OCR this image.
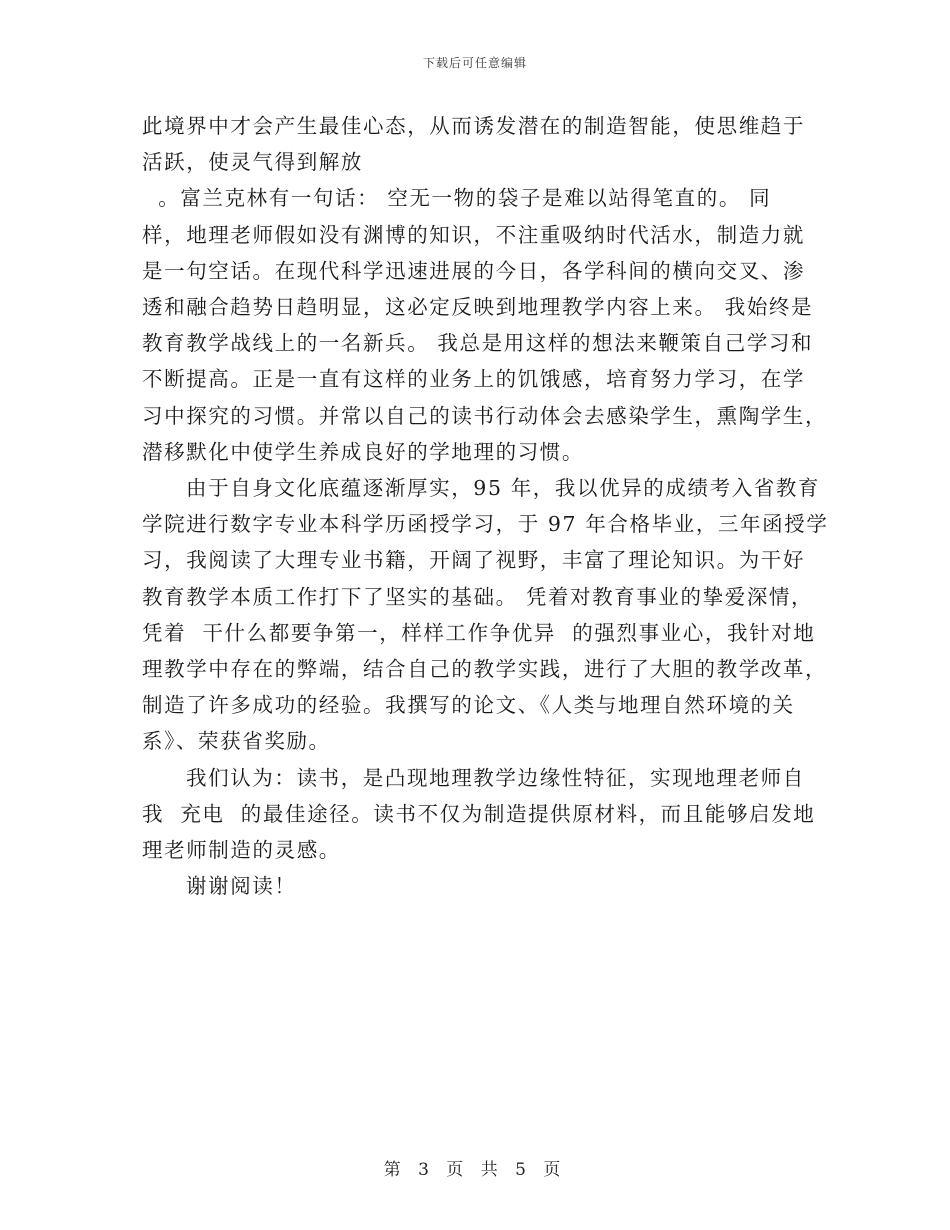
下载后可任意编辑
此境界中才会产生最佳心态，从而诱发潜在的制造智能，使思维趋于
活跃，使灵气得到解放
。富兰克林有一句话： 空无一物的袋子是难以站得笔直的。 同
样，地理老师假如没有渊博的知识，不注重吸纳时代活水，制造力就
是一句空话。在现代科学迅速进展的今日，各学科间的横向交叉、渗
透和融合趋势日趋明显，这必定反映到地理教学内容上来。 我始终是
教育教学战线上的一名新兵。 我总是用这样的想法来鞭策自己学习和
不断提高。正是一直有这样的业务上的饥饿感，培育努力学习，在学
习中探究的习惯。并常以自己的读书行动体会去感染学生，熏陶学生，
潜移默化中使学生养成良好的学地理的习惯。
由于自身文化底蕴逐渐厚实，95 年，我以优异的成绩考入省教育
学院进行数字专业本科学历函授学习，于 97 年合格毕业，三年函授学
习，我阅读了大理专业书籍，开阔了视野，丰富了理论知识。为干好
教育教学本质工作打下了坚实的基础。 凭着对教育事业的挚爱深情，
凭着  干什么都要争第一，样样工作争优异  的强烈事业心，我针对地
理教学中存在的弊端，结合自己的教学实践，进行了大胆的教学改革，
制造了许多成功的经验。我撰写的论文、《人类与地理自然环境的关
系》、荣获省奖励。
我们认为：读书，是凸现地理教学边缘性特征，实现地理老师自
我  充电  的最佳途径。读书不仅为制造提供原材料，而且能够启发地
理老师制造的灵感。
谢谢阅读！
第 3 页 共 5 页
